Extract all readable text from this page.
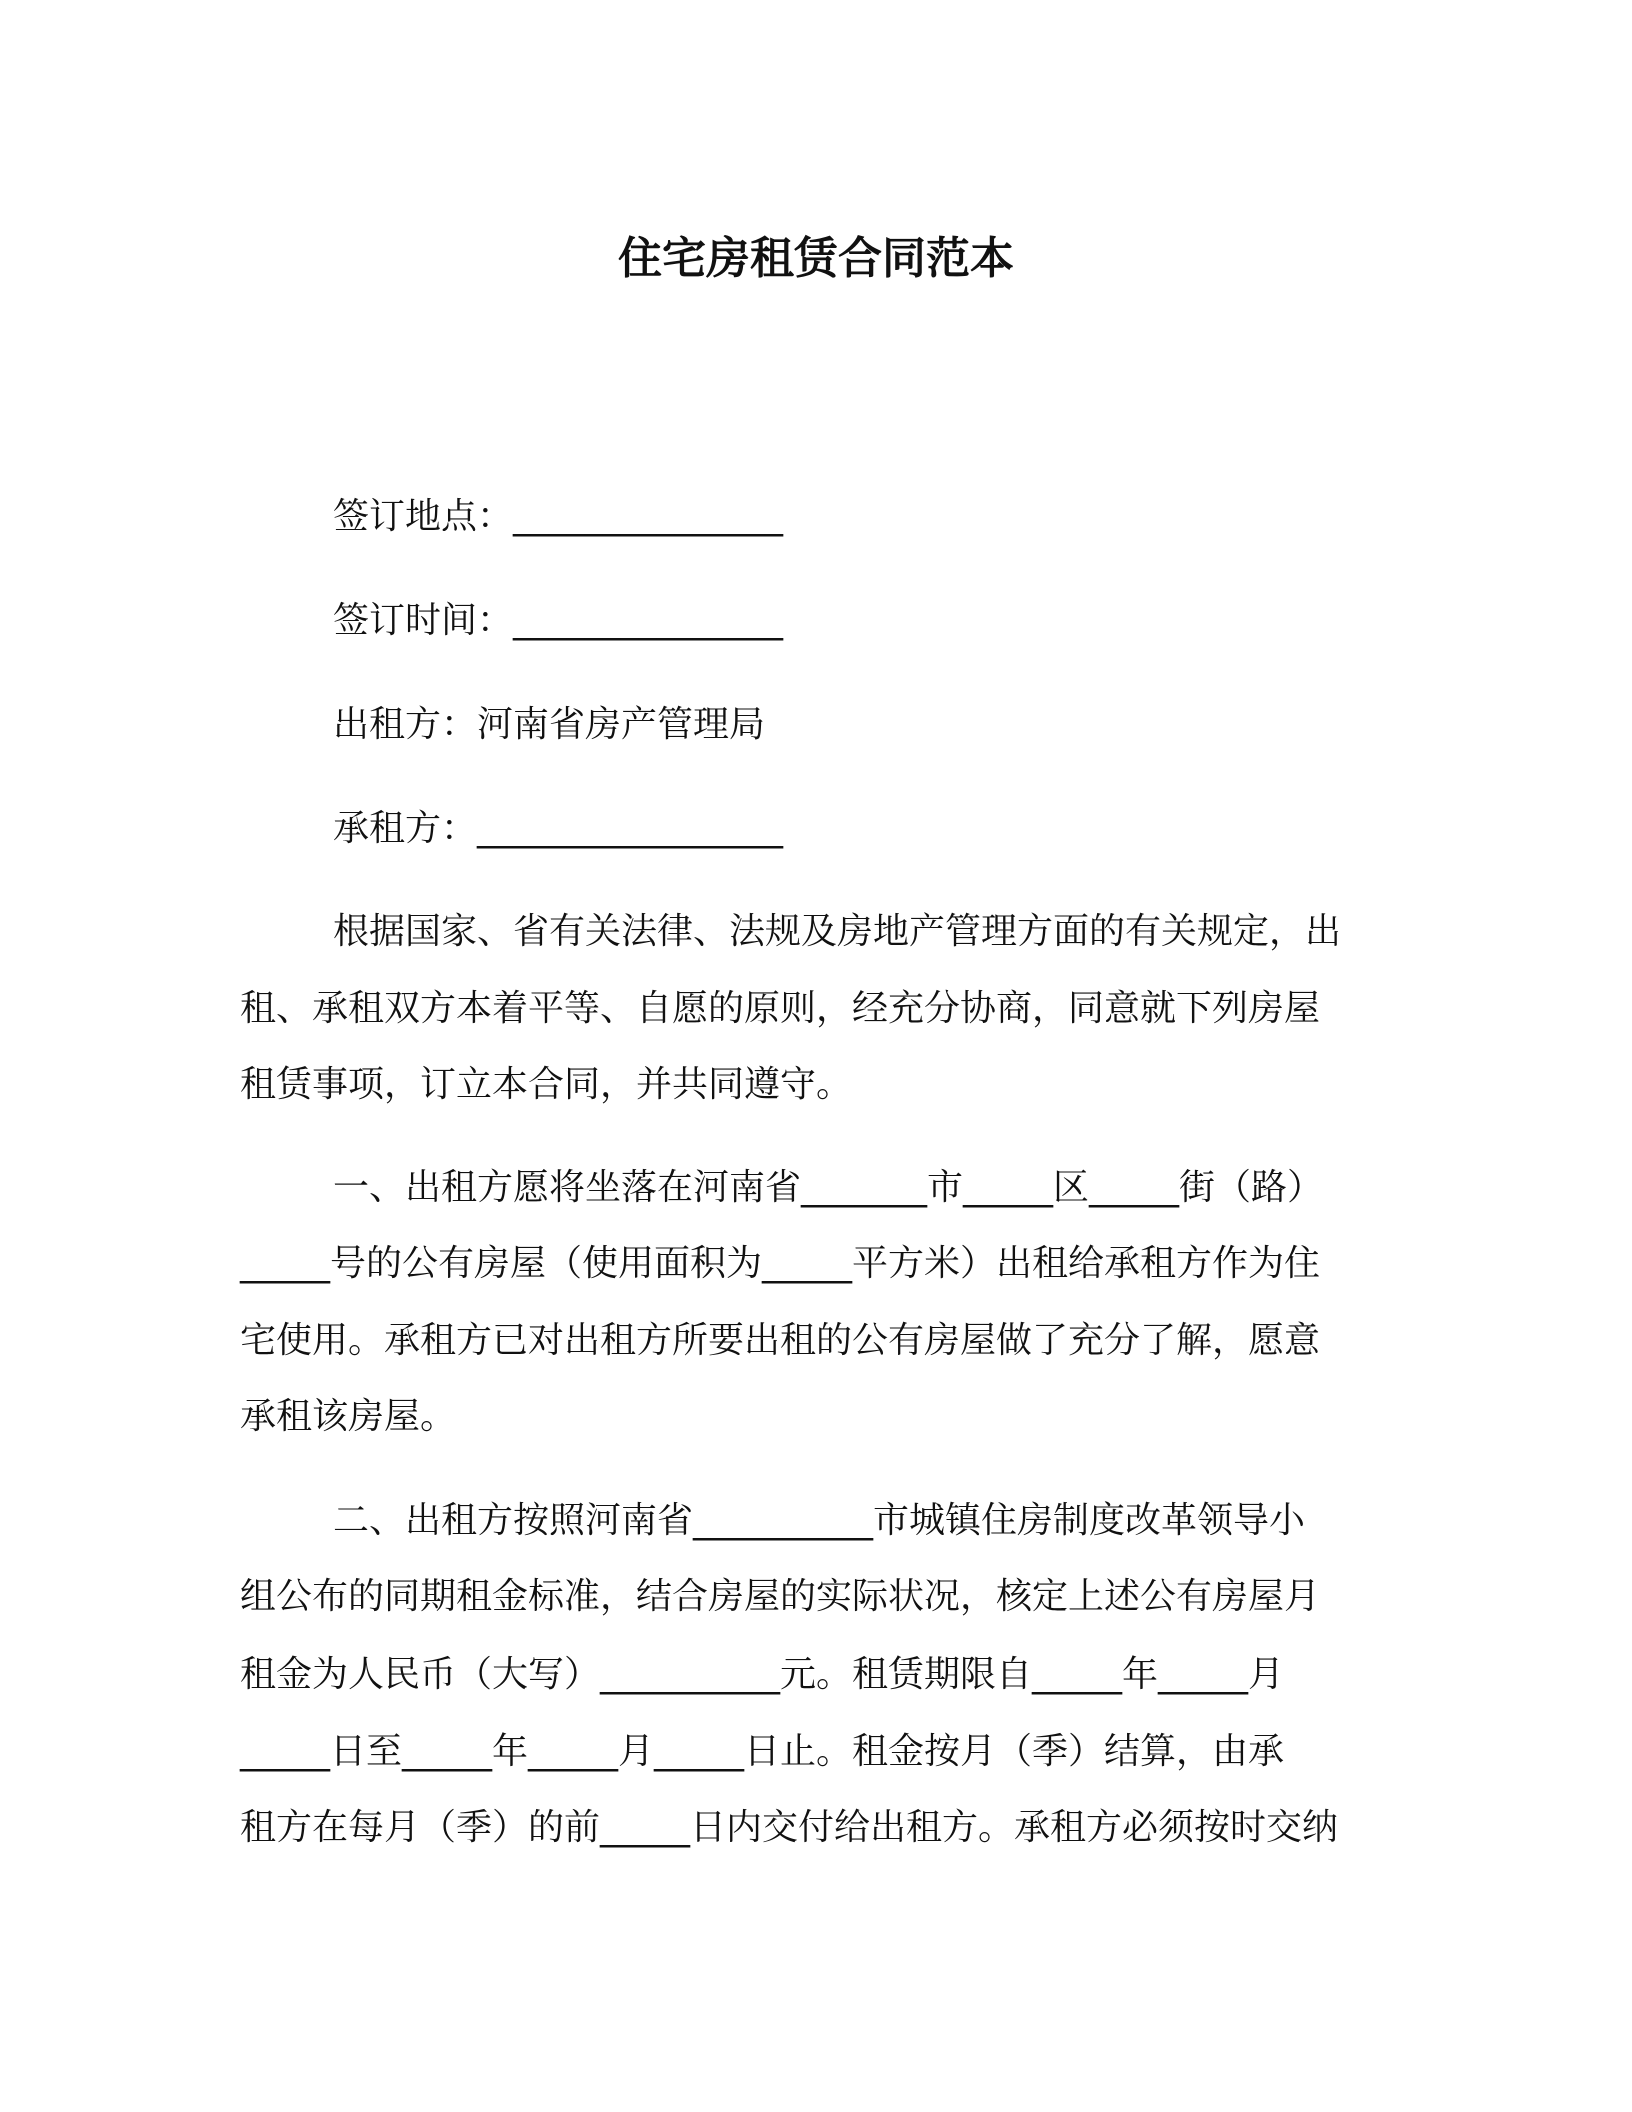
住宅房租赁合同范本
签订地点：_______________
签订时间：_______________
出租方：河南省房产管理局
承租方：_________________
根据国家、省有关法律、法规及房地产管理方面的有关规定，出
租、承租双方本着平等、自愿的原则，经充分协商，同意就下列房屋
租赁事项，订立本合同，并共同遵守。
一、出租方愿将坐落在河南省_______市_____区_____街（路）
_____号的公有房屋（使用面积为_____平方米）出租给承租方作为住
宅使用。承租方已对出租方所要出租的公有房屋做了充分了解，愿意
承租该房屋。
二、出租方按照河南省__________市城镇住房制度改革领导小
组公布的同期租金标准，结合房屋的实际状况，核定上述公有房屋月
租金为人民币（大写）__________元。租赁期限自_____年_____月
_____日至_____年_____月_____日止。租金按月（季）结算，由承
租方在每月（季）的前_____日内交付给出租方。承租方必须按时交纳
